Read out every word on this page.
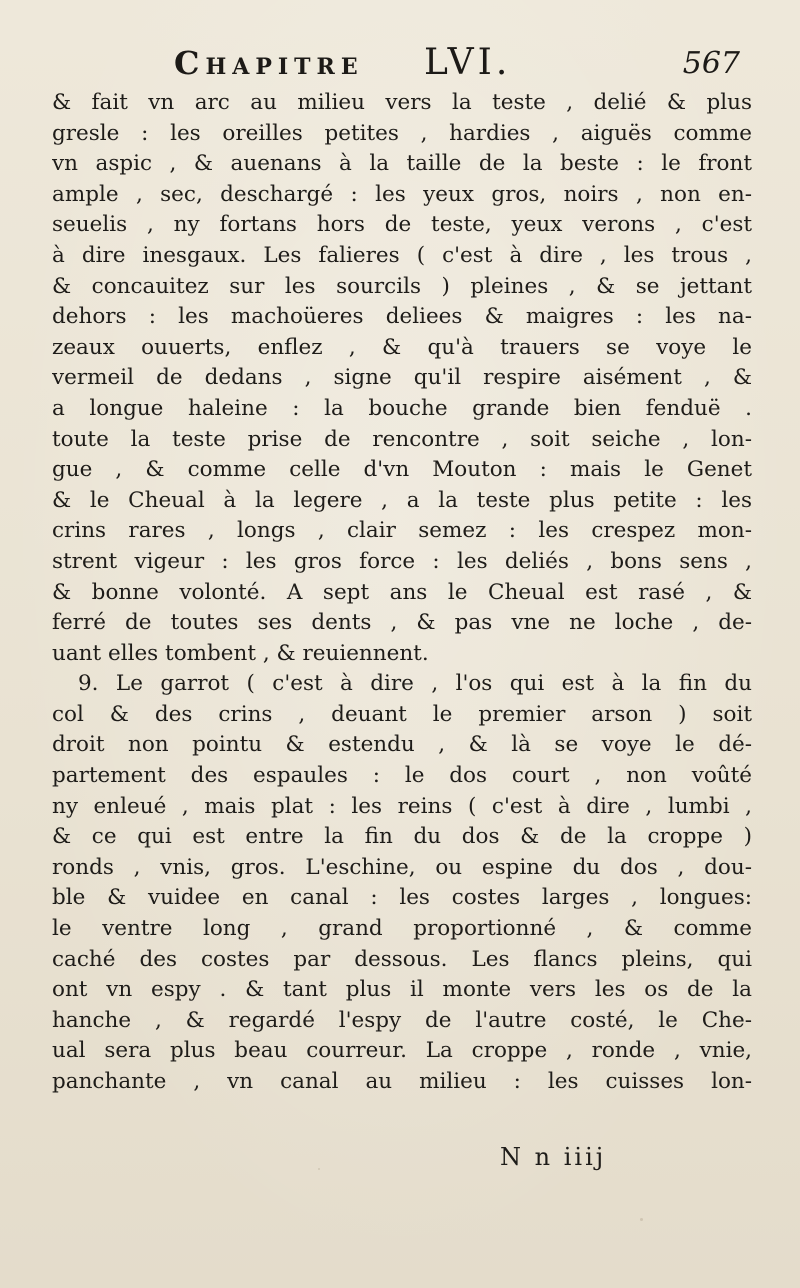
Chapitre LVI.	567
& fait vn arc au milieu vers la teste , delié & plus
gresle : les oreilles petites , hardies , aiguës comme
vn aspic , & auenans à la taille de la beste : le front
ample , sec, deschargé : les yeux gros, noirs , non en-
seuelis , ny fortans hors de teste, yeux verons , c'est
à dire inesgaux. Les falieres ( c'est à dire , les trous ,
& concauitez sur les sourcils ) pleines , & se jettant
dehors : les machoüeres deliees & maigres : les na-
zeaux ouuerts, enflez , & qu'à trauers se voye le
vermeil de dedans , signe qu'il respire aisément , &
a longue haleine : la bouche grande bien fenduë .
toute la teste prise de rencontre , soit seiche , lon-
gue , & comme celle d'vn Mouton : mais le Genet
& le Cheual à la legere , a la teste plus petite : les
crins rares , longs , clair semez : les crespez mon-
strent vigeur : les gros force : les deliés , bons sens ,
& bonne volonté. A sept ans le Cheual est rasé , &
ferré de toutes ses dents , & pas vne ne loche , de-
uant elles tombent , & reuiennent.
9. Le garrot ( c'est à dire , l'os qui est à la fin du
col & des crins , deuant le premier arson ) soit
droit non pointu & estendu , & là se voye le dé-
partement des espaules : le dos court , non voûté
ny enleué , mais plat : les reins ( c'est à dire , lumbi ,
& ce qui est entre la fin du dos & de la croppe )
ronds , vnis, gros. L'eschine, ou espine du dos , dou-
ble & vuidee en canal : les costes larges , longues:
le ventre long , grand proportionné , & comme
caché des costes par dessous. Les flancs pleins, qui
ont vn espy . & tant plus il monte vers les os de la
hanche , & regardé l'espy de l'autre costé, le Che-
ual sera plus beau courreur. La croppe , ronde , vnie,
panchante , vn canal au milieu : les cuisses lon-
N n iiij
